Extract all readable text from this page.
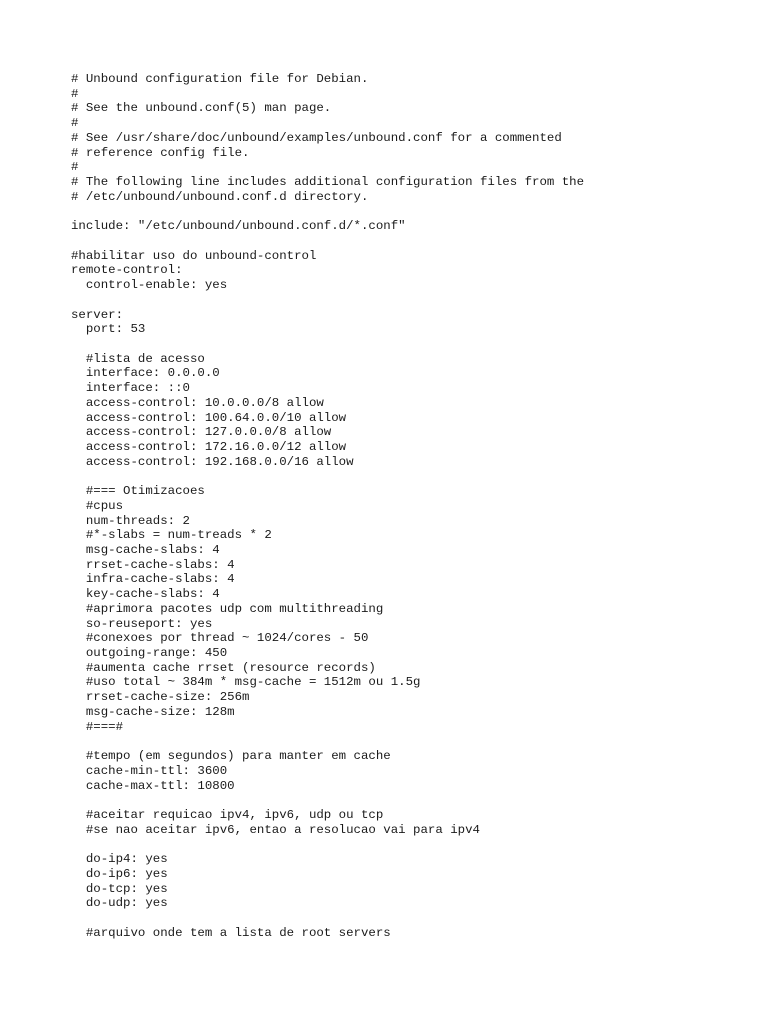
# Unbound configuration file for Debian.
#
# See the unbound.conf(5) man page.
#
# See /usr/share/doc/unbound/examples/unbound.conf for a commented
# reference config file.
#
# The following line includes additional configuration files from the
# /etc/unbound/unbound.conf.d directory.
include: "/etc/unbound/unbound.conf.d/*.conf"
#habilitar uso do unbound-control
remote-control:
control-enable: yes
server:
port: 53
#lista de acesso
interface: 0.0.0.0
interface: ::0
access-control: 10.0.0.0/8 allow
access-control: 100.64.0.0/10 allow
access-control: 127.0.0.0/8 allow
access-control: 172.16.0.0/12 allow
access-control: 192.168.0.0/16 allow
#=== Otimizacoes
#cpus
num-threads: 2
#*-slabs = num-treads * 2
msg-cache-slabs: 4
rrset-cache-slabs: 4
infra-cache-slabs: 4
key-cache-slabs: 4
#aprimora pacotes udp com multithreading
so-reuseport: yes
#conexoes por thread ~ 1024/cores - 50
outgoing-range: 450
#aumenta cache rrset (resource records)
#uso total ~ 384m * msg-cache = 1512m ou 1.5g
rrset-cache-size: 256m
msg-cache-size: 128m
#===#
#tempo (em segundos) para manter em cache
cache-min-ttl: 3600
cache-max-ttl: 10800
#aceitar requicao ipv4, ipv6, udp ou tcp
#se nao aceitar ipv6, entao a resolucao vai para ipv4
do-ip4: yes
do-ip6: yes
do-tcp: yes
do-udp: yes
#arquivo onde tem a lista de root servers
